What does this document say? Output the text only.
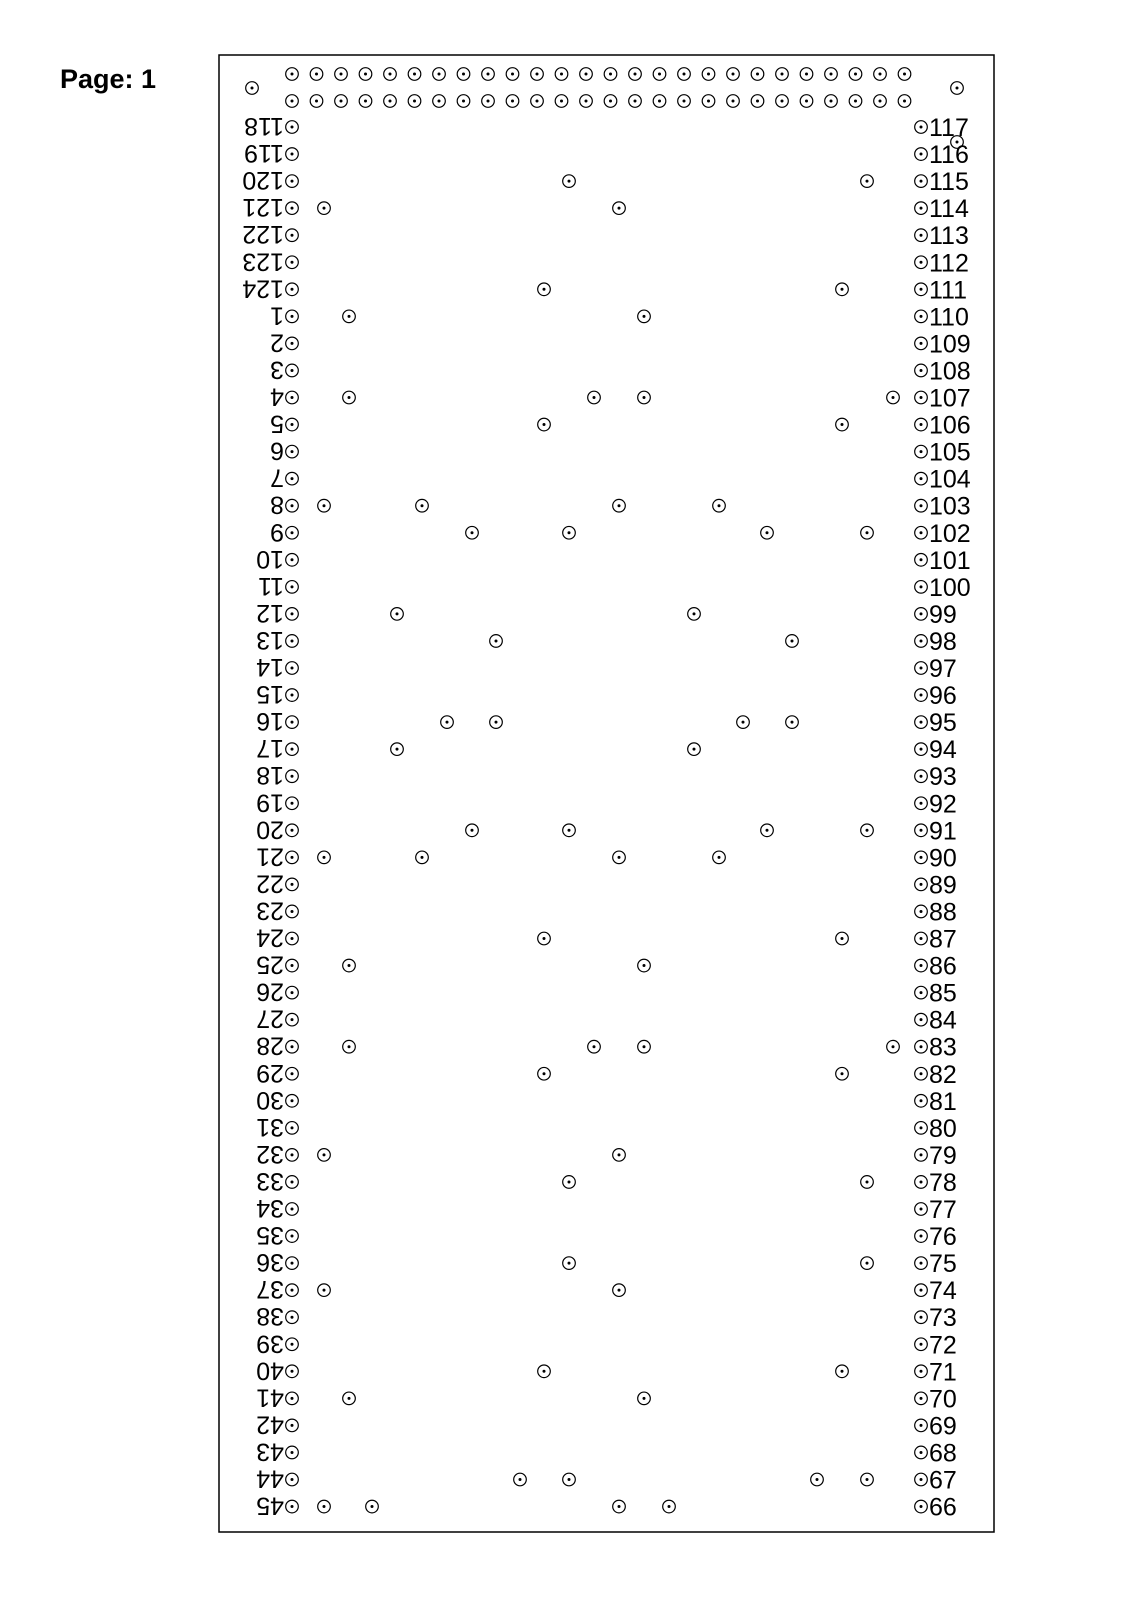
Page: 1
118
119
120
121
122
123
124
1
2
3
4
5
6
7
8
9
10
11
12
13
14
15
16
17
18
19
20
21
22
23
24
25
26
27
28
29
30
31
32
33
34
35
36
37
38
39
40
41
42
43
44
45
117
116
115
114
113
112
111
110
109
108
107
106
105
104
103
102
101
100
99
98
97
96
95
94
93
92
91
90
89
88
87
86
85
84
83
82
81
80
79
78
77
76
75
74
73
72
71
70
69
68
67
66
